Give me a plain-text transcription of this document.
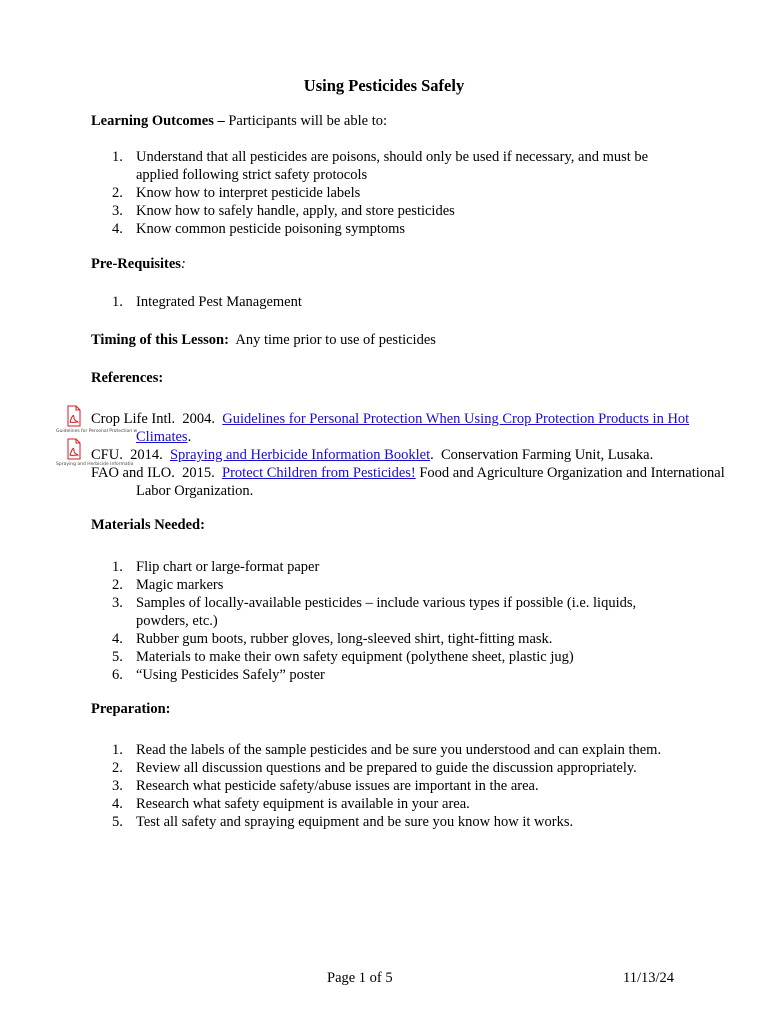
Using Pesticides Safely
Learning Outcomes – Participants will be able to:
1. Understand that all pesticides are poisons, should only be used if necessary, and must be applied following strict safety protocols
2. Know how to interpret pesticide labels
3. Know how to safely handle, apply, and store pesticides
4. Know common pesticide poisoning symptoms
Pre-Requisites:
1. Integrated Pest Management
Timing of this Lesson:  Any time prior to use of pesticides
References:
Guidelines for Personal Protection w
Spraying and Herbicide Informatio
Crop Life Intl.  2004.  Guidelines for Personal Protection When Using Crop Protection Products in Hot Climates.
CFU.  2014.  Spraying and Herbicide Information Booklet.  Conservation Farming Unit, Lusaka.
FAO and ILO.  2015.  Protect Children from Pesticides! Food and Agriculture Organization and International Labor Organization.
Materials Needed:
1. Flip chart or large-format paper
2. Magic markers
3. Samples of locally-available pesticides – include various types if possible (i.e. liquids, powders, etc.)
4. Rubber gum boots, rubber gloves, long-sleeved shirt, tight-fitting mask.
5. Materials to make their own safety equipment (polythene sheet, plastic jug)
6. “Using Pesticides Safely” poster
Preparation:
1. Read the labels of the sample pesticides and be sure you understood and can explain them.
2. Review all discussion questions and be prepared to guide the discussion appropriately.
3. Research what pesticide safety/abuse issues are important in the area.
4. Research what safety equipment is available in your area.
5. Test all safety and spraying equipment and be sure you know how it works.
Page 1 of 5	11/13/24
